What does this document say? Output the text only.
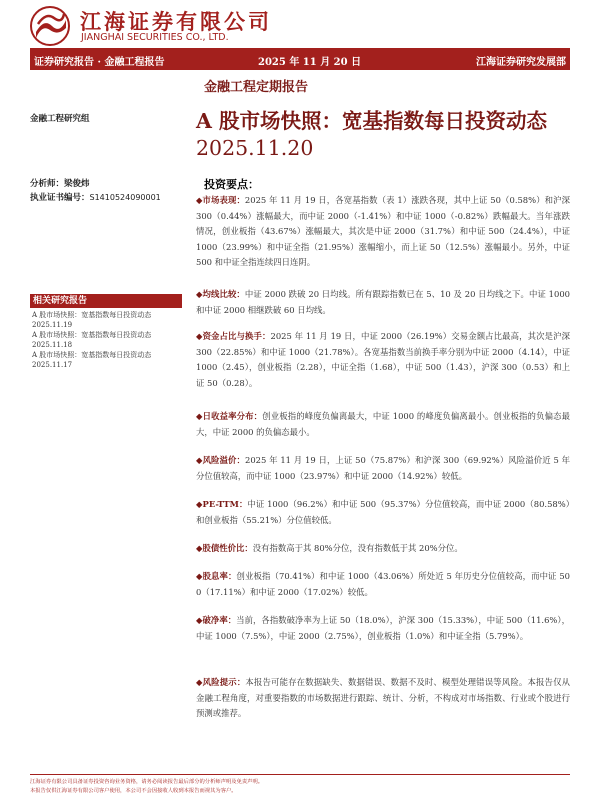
江海证券有限公司
JIANGHAI SECURITIES CO., LTD.
证券研究报告 · 金融工程报告	2025 年 11 月 20 日	江海证券研究发展部
金融工程研究组
分析师：梁俊炜
执业证书编号：S1410524090001
相关研究报告
A 股市场快照：宽基指数每日投资动态 2025.11.19
A 股市场快照：宽基指数每日投资动态 2025.11.18
A 股市场快照：宽基指数每日投资动态 2025.11.17
金融工程定期报告
A 股市场快照：宽基指数每日投资动态
2025.11.20
投资要点：
◆市场表现：2025 年 11 月 19 日，各宽基指数（表 1）涨跌各现，其中上证 50（0.58%）和沪深 300（0.44%）涨幅最大，而中证 2000（-1.41%）和中证 1000（-0.82%）跌幅最大。当年涨跌情况，创业板指（43.67%）涨幅最大，其次是中证 2000（31.7%）和中证 500（24.4%），中证 1000（23.99%）和中证全指（21.95%）涨幅缩小，而上证 50（12.5%）涨幅最小。另外，中证 500 和中证全指连续四日连阴。
◆均线比较：中证 2000 跌破 20 日均线。所有跟踪指数已在 5、10 及 20 日均线之下。中证 1000 和中证 2000 相继跌破 60 日均线。
◆资金占比与换手：2025 年 11 月 19 日，中证 2000（26.19%）交易金额占比最高，其次是沪深 300（22.85%）和中证 1000（21.78%）。各宽基指数当前换手率分别为中证 2000（4.14），中证 1000（2.45），创业板指（2.28），中证全指（1.68），中证 500（1.43），沪深 300（0.53）和上证 50（0.28）。
◆日收益率分布：创业板指的峰度负偏离最大，中证 1000 的峰度负偏离最小。创业板指的负偏态最大，中证 2000 的负偏态最小。
◆风险溢价：2025 年 11 月 19 日，上证 50（75.87%）和沪深 300（69.92%）风险溢价近 5 年分位值较高，而中证 1000（23.97%）和中证 2000（14.92%）较低。
◆PE-TTM：中证 1000（96.2%）和中证 500（95.37%）分位值较高，而中证 2000（80.58%）和创业板指（55.21%）分位值较低。
◆股债性价比：没有指数高于其 80%分位，没有指数低于其 20%分位。
◆股息率：创业板指（70.41%）和中证 1000（43.06%）所处近 5 年历史分位值较高，而中证 500（17.11%）和中证 2000（17.02%）较低。
◆破净率：当前，各指数破净率为上证 50（18.0%），沪深 300（15.33%），中证 500（11.6%），中证 1000（7.5%），中证 2000（2.75%），创业板指（1.0%）和中证全指（5.79%）。
◆风险提示：本报告可能存在数据缺失、数据错误、数据不及时、模型处理错误等风险。本报告仅从金融工程角度，对重要指数的市场数据进行跟踪、统计、分析，不构成对市场指数、行业或个股进行预测或推荐。
江海证券有限公司具备证券投资咨询业务资格，请务必阅读报告最后部分的分析师声明及免责声明。
本报告仅供江海证券有限公司客户使用，本公司不会因接收人收到本报告而视其为客户。
